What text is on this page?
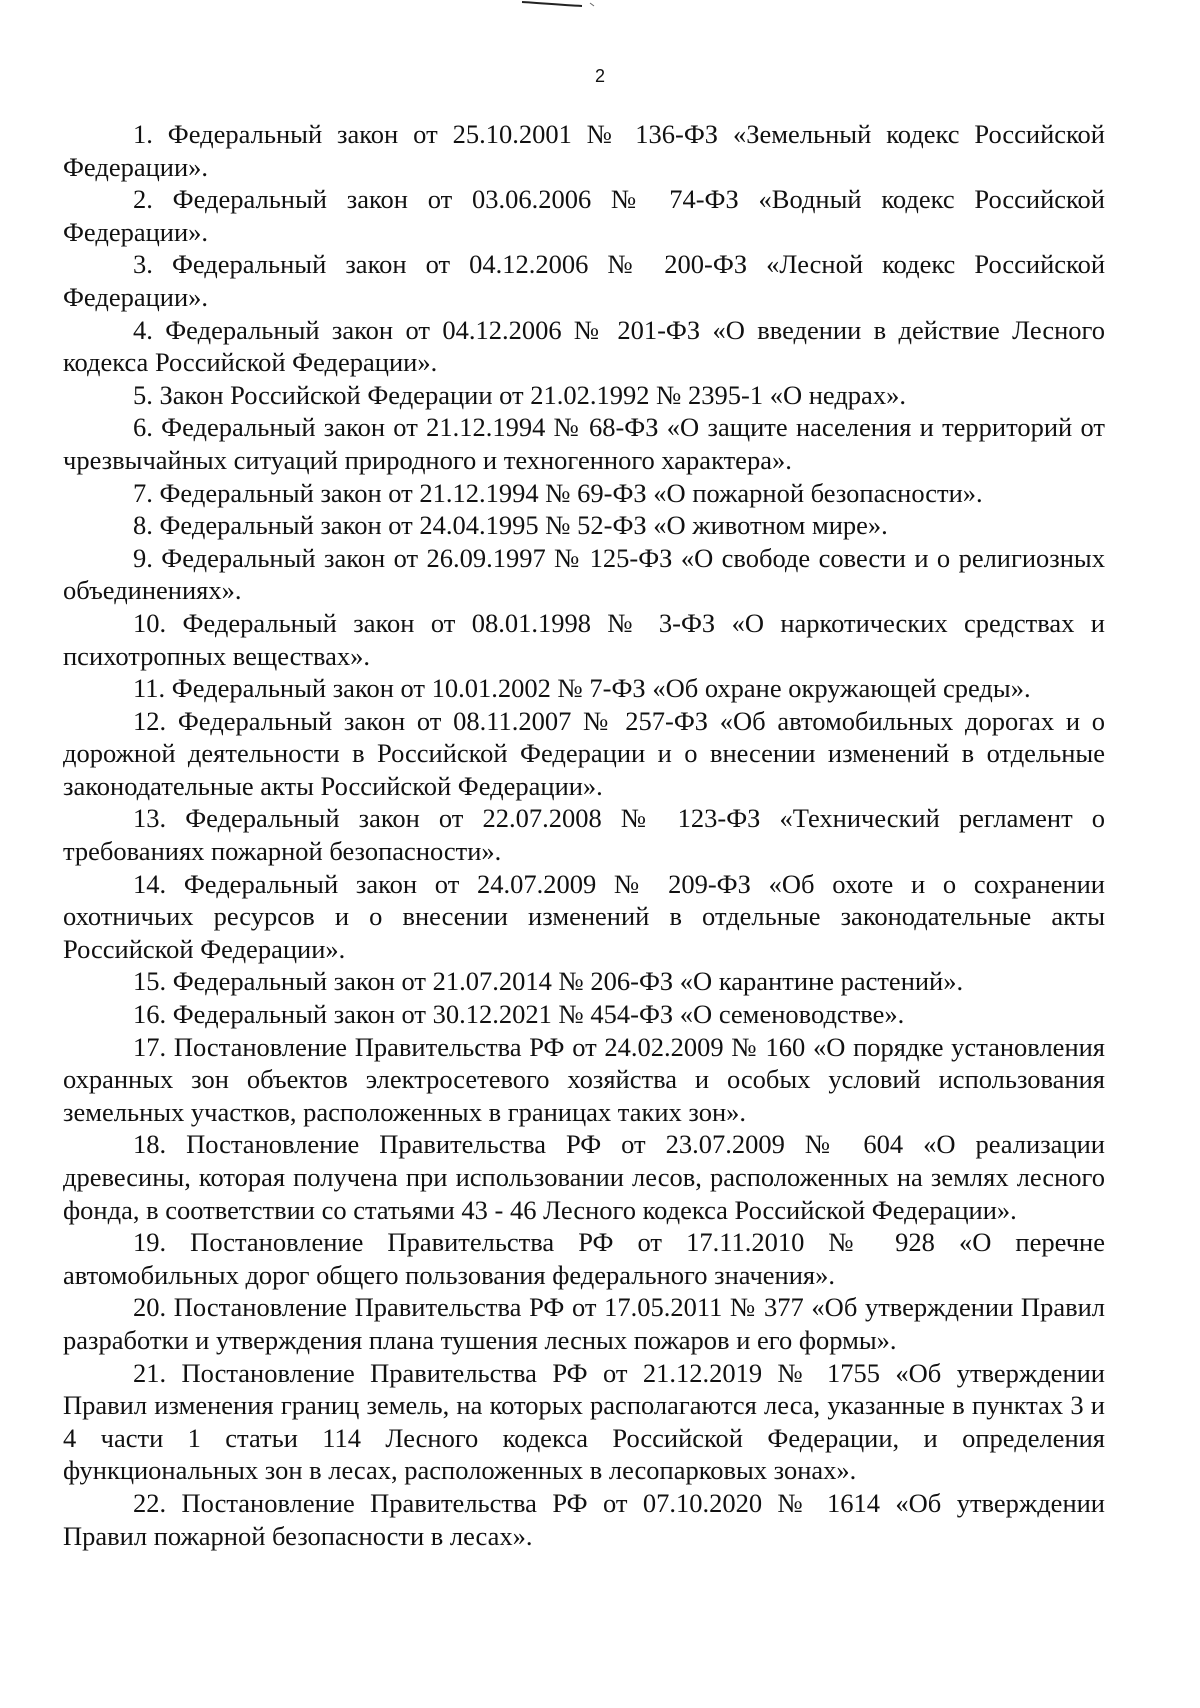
2

1. Федеральный закон от 25.10.2001 № 136-ФЗ «Земельный кодекс Российской Федерации».

2. Федеральный закон от 03.06.2006 № 74-ФЗ «Водный кодекс Российской Федерации».

3. Федеральный закон от 04.12.2006 № 200-ФЗ «Лесной кодекс Российской Федерации».

4. Федеральный закон от 04.12.2006 № 201-ФЗ «О введении в действие Лесного кодекса Российской Федерации».

5. Закон Российской Федерации от 21.02.1992 № 2395-1 «О недрах».

6. Федеральный закон от 21.12.1994 № 68-ФЗ «О защите населения и территорий от чрезвычайных ситуаций природного и техногенного характера».

7. Федеральный закон от 21.12.1994 № 69-ФЗ «О пожарной безопасности».

8. Федеральный закон от 24.04.1995 № 52-ФЗ «О животном мире».

9. Федеральный закон от 26.09.1997 № 125-ФЗ «О свободе совести и о религиозных объединениях».

10. Федеральный закон от 08.01.1998 № 3-ФЗ «О наркотических средствах и психотропных веществах».

11. Федеральный закон от 10.01.2002 № 7-ФЗ «Об охране окружающей среды».

12. Федеральный закон от 08.11.2007 № 257-ФЗ «Об автомобильных дорогах и о дорожной деятельности в Российской Федерации и о внесении изменений в отдельные законодательные акты Российской Федерации».

13. Федеральный закон от 22.07.2008 № 123-ФЗ «Технический регламент о требованиях пожарной безопасности».

14. Федеральный закон от 24.07.2009 № 209-ФЗ «Об охоте и о сохранении охотничьих ресурсов и о внесении изменений в отдельные законодательные акты Российской Федерации».

15. Федеральный закон от 21.07.2014 № 206-ФЗ «О карантине растений».

16. Федеральный закон от 30.12.2021 № 454-ФЗ «О семеноводстве».

17. Постановление Правительства РФ от 24.02.2009 № 160 «О порядке установления охранных зон объектов электросетевого хозяйства и особых условий использования земельных участков, расположенных в границах таких зон».

18. Постановление Правительства РФ от 23.07.2009 № 604 «О реализации древесины, которая получена при использовании лесов, расположенных на землях лесного фонда, в соответствии со статьями 43 - 46 Лесного кодекса Российской Федерации».

19. Постановление Правительства РФ от 17.11.2010 № 928 «О перечне автомобильных дорог общего пользования федерального значения».

20. Постановление Правительства РФ от 17.05.2011 № 377 «Об утверждении Правил разработки и утверждения плана тушения лесных пожаров и его формы».

21. Постановление Правительства РФ от 21.12.2019 № 1755 «Об утверждении Правил изменения границ земель, на которых располагаются леса, указанные в пунктах 3 и 4 части 1 статьи 114 Лесного кодекса Российской Федерации, и определения функциональных зон в лесах, расположенных в лесопарковых зонах».

22. Постановление Правительства РФ от 07.10.2020 № 1614 «Об утверждении Правил пожарной безопасности в лесах».
